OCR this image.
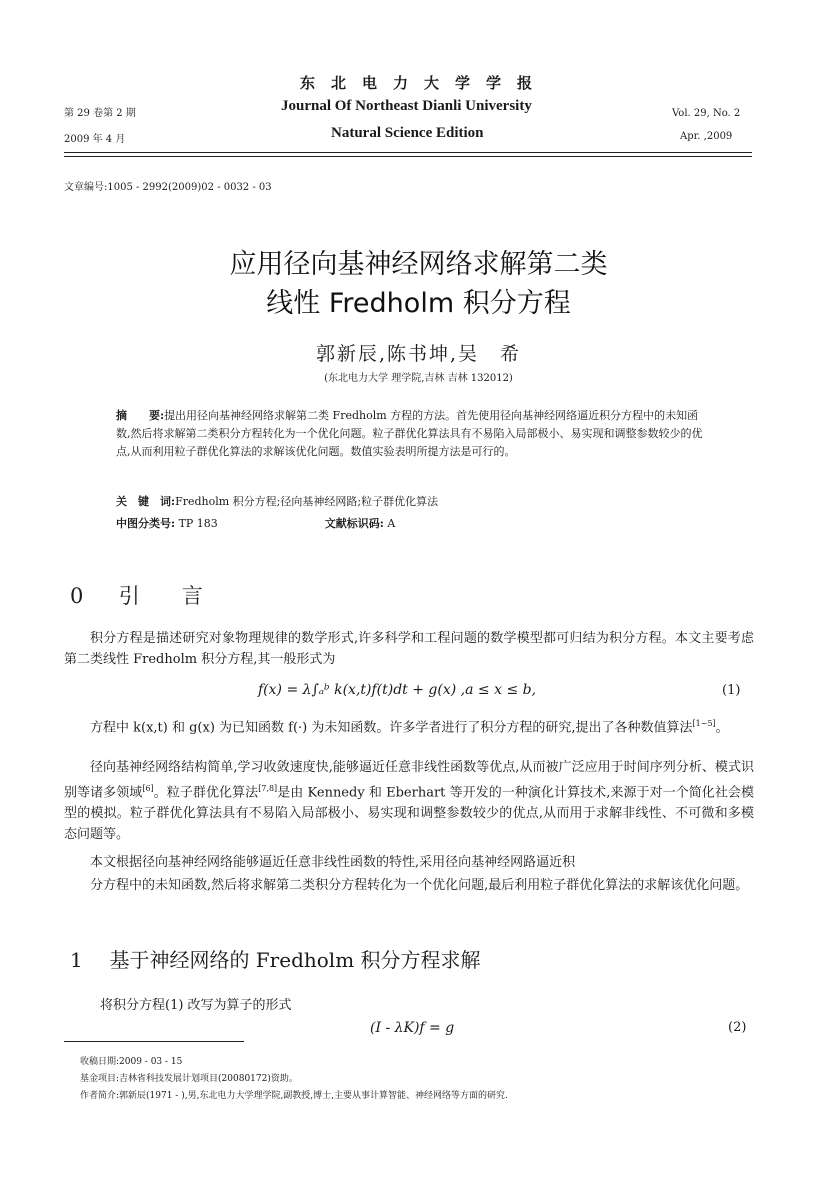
东北电力大学学报
Journal Of Northeast Dianli University
Natural Science Edition
第 29 卷第 2 期
2009 年 4 月
Vol. 29, No. 2
Apr. ,2009
文章编号:1005 - 2992(2009)02 - 0032 - 03
应用径向基神经网络求解第二类
线性 Fredholm 积分方程
郭新辰,陈书坤,吴　希
(东北电力大学 理学院,吉林 吉林 132012)
摘　　要:提出用径向基神经网络求解第二类 Fredholm 方程的方法。首先使用径向基神经网络逼近积分方程中的未知函数,然后将求解第二类积分方程转化为一个优化问题。粒子群优化算法具有不易陷入局部极小、易实现和调整参数较少的优点,从而利用粒子群优化算法的求解该优化问题。数值实验表明所提方法是可行的。
关　键　词:Fredholm 积分方程;径向基神经网路;粒子群优化算法
中图分类号: TP 183	文献标识码: A
0 引　　言
积分方程是描述研究对象物理规律的数学形式,许多科学和工程问题的数学模型都可归结为积分方程。本文主要考虑第二类线性 Fredholm 积分方程,其一般形式为
f(x) = λ∫ₐᵇ k(x,t)f(t)dt + g(x) ,a ≤ x ≤ b,	(1)
方程中 k(x,t) 和 g(x) 为已知函数 f(·) 为未知函数。许多学者进行了积分方程的研究,提出了各种数值算法[1~5]。
径向基神经网络结构简单,学习收敛速度快,能够逼近任意非线性函数等优点,从而被广泛应用于时间序列分析、模式识别等诸多领域[6]。粒子群优化算法[7,8]是由 Kennedy 和 Eberhart 等开发的一种演化计算技术,来源于对一个简化社会模型的模拟。粒子群优化算法具有不易陷入局部极小、易实现和调整参数较少的优点,从而用于求解非线性、不可微和多模态问题等。
本文根据径向基神经网络能够逼近任意非线性函数的特性,采用径向基神经网路逼近积
分方程中的未知函数,然后将求解第二类积分方程转化为一个优化问题,最后利用粒子群优化算法的求解该优化问题。
1 基于神经网络的 Fredholm 积分方程求解
将积分方程(1) 改写为算子的形式
(I - λK)f = g	(2)
收稿日期:2009 - 03 - 15
基金项目:吉林省科技发展计划项目(20080172)资助。
作者简介:郭新辰(1971 - ),男,东北电力大学理学院,副教授,博士,主要从事计算智能、神经网络等方面的研究.
